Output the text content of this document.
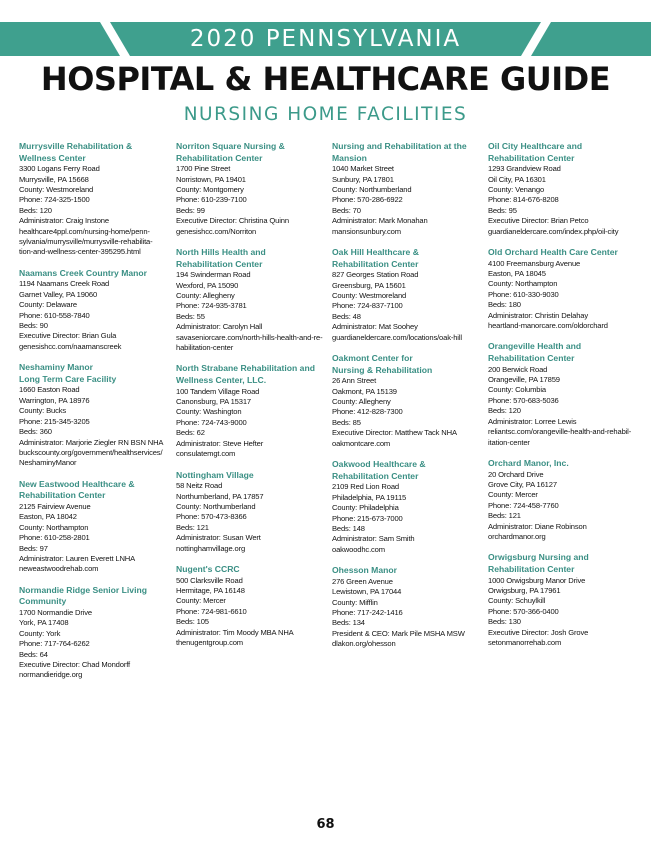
2020 PENNSYLVANIA
HOSPITAL & HEALTHCARE GUIDE
NURSING HOME FACILITIES
Murrysville Rehabilitation &
Wellness Center
3300 Logans Ferry Road
Murrysville, PA 15668
County: Westmoreland
Phone: 724-325-1500
Beds: 120
Administrator: Craig Instone
healthcare4ppl.com/nursing-home/penn-
sylvania/murrysville/murrysville-rehabilita-
tion-and-wellness-center-395295.html
Naamans Creek Country Manor
1194 Naamans Creek Road
Garnet Valley, PA 19060
County: Delaware
Phone: 610-558-7840
Beds: 90
Executive Director: Brian Gula
genesishcc.com/naamanscreek
Neshaminy Manor
Long Term Care Facility
1660 Easton Road
Warrington, PA 18976
County: Bucks
Phone: 215-345-3205
Beds: 360
Administrator: Marjorie Ziegler RN BSN NHA
buckscounty.org/government/healthservices/
NeshaminyManor
New Eastwood Healthcare &
Rehabilitation Center
2125 Fairview Avenue
Easton, PA 18042
County: Northampton
Phone: 610-258-2801
Beds: 97
Administrator: Lauren Everett LNHA
neweastwoodrehab.com
Normandie Ridge Senior Living
Community
1700 Normandie Drive
York, PA 17408
County: York
Phone: 717-764-6262
Beds: 64
Executive Director: Chad Mondorff
normandieridge.org
Norriton Square Nursing &
Rehabilitation Center
1700 Pine Street
Norristown, PA 19401
County: Montgomery
Phone: 610-239-7100
Beds: 99
Executive Director: Christina Quinn
genesishcc.com/Norriton
North Hills Health and
Rehabilitation Center
194 Swinderman Road
Wexford, PA 15090
County: Allegheny
Phone: 724-935-3781
Beds: 55
Administrator: Carolyn Hall
savaseniorcare.com/north-hills-health-and-re-
habilitation-center
North Strabane Rehabilitation and
Wellness Center, LLC.
100 Tandem Village Road
Canonsburg, PA 15317
County: Washington
Phone: 724-743-9000
Beds: 62
Administrator: Steve Hefter
consulatemgt.com
Nottingham Village
58 Neitz Road
Northumberland, PA 17857
County: Northumberland
Phone: 570-473-8366
Beds: 121
Administrator: Susan Wert
nottinghamvillage.org
Nugent's CCRC
500 Clarksville Road
Hermitage, PA 16148
County: Mercer
Phone: 724-981-6610
Beds: 105
Administrator: Tim Moody MBA NHA
thenugentgroup.com
Nursing and Rehabilitation at the
Mansion
1040 Market Street
Sunbury, PA 17801
County: Northumberland
Phone: 570-286-6922
Beds: 70
Administrator: Mark Monahan
mansionsunbury.com
Oak Hill Healthcare &
Rehabilitation Center
827 Georges Station Road
Greensburg, PA 15601
County: Westmoreland
Phone: 724-837-7100
Beds: 48
Administrator: Mat Soohey
guardianeldercare.com/locations/oak-hill
Oakmont Center for
Nursing & Rehabilitation
26 Ann Street
Oakmont, PA 15139
County: Allegheny
Phone: 412-828-7300
Beds: 85
Executive Director: Matthew Tack NHA
oakmontcare.com
Oakwood Healthcare &
Rehabilitation Center
2109 Red Lion Road
Philadelphia, PA 19115
County: Philadelphia
Phone: 215-673-7000
Beds: 148
Administrator: Sam Smith
oakwoodhc.com
Ohesson Manor
276 Green Avenue
Lewistown, PA 17044
County: Mifflin
Phone: 717-242-1416
Beds: 134
President & CEO: Mark Pile MSHA MSW
dlakon.org/ohesson
Oil City Healthcare and
Rehabilitation Center
1293 Grandview Road
Oil City, PA 16301
County: Venango
Phone: 814-676-8208
Beds: 95
Executive Director: Brian Petco
guardianeldercare.com/index.php/oil-city
Old Orchard Health Care Center
4100 Freemansburg Avenue
Easton, PA 18045
County: Northampton
Phone: 610-330-9030
Beds: 180
Administrator: Christin Delahay
heartland-manorcare.com/oldorchard
Orangeville Health and
Rehabilitation Center
200 Berwick Road
Orangeville, PA 17859
County: Columbia
Phone: 570-683-5036
Beds: 120
Administrator: Lorree Lewis
reliantsc.com/orangeville-health-and-rehabil-
itation-center
Orchard Manor, Inc.
20 Orchard Drive
Grove City, PA 16127
County: Mercer
Phone: 724-458-7760
Beds: 121
Administrator: Diane Robinson
orchardmanor.org
Orwigsburg Nursing and
Rehabilitation Center
1000 Orwigsburg Manor Drive
Orwigsburg, PA 17961
County: Schuylkill
Phone: 570-366-0400
Beds: 130
Executive Director: Josh Grove
setonmanorrehab.com
68
